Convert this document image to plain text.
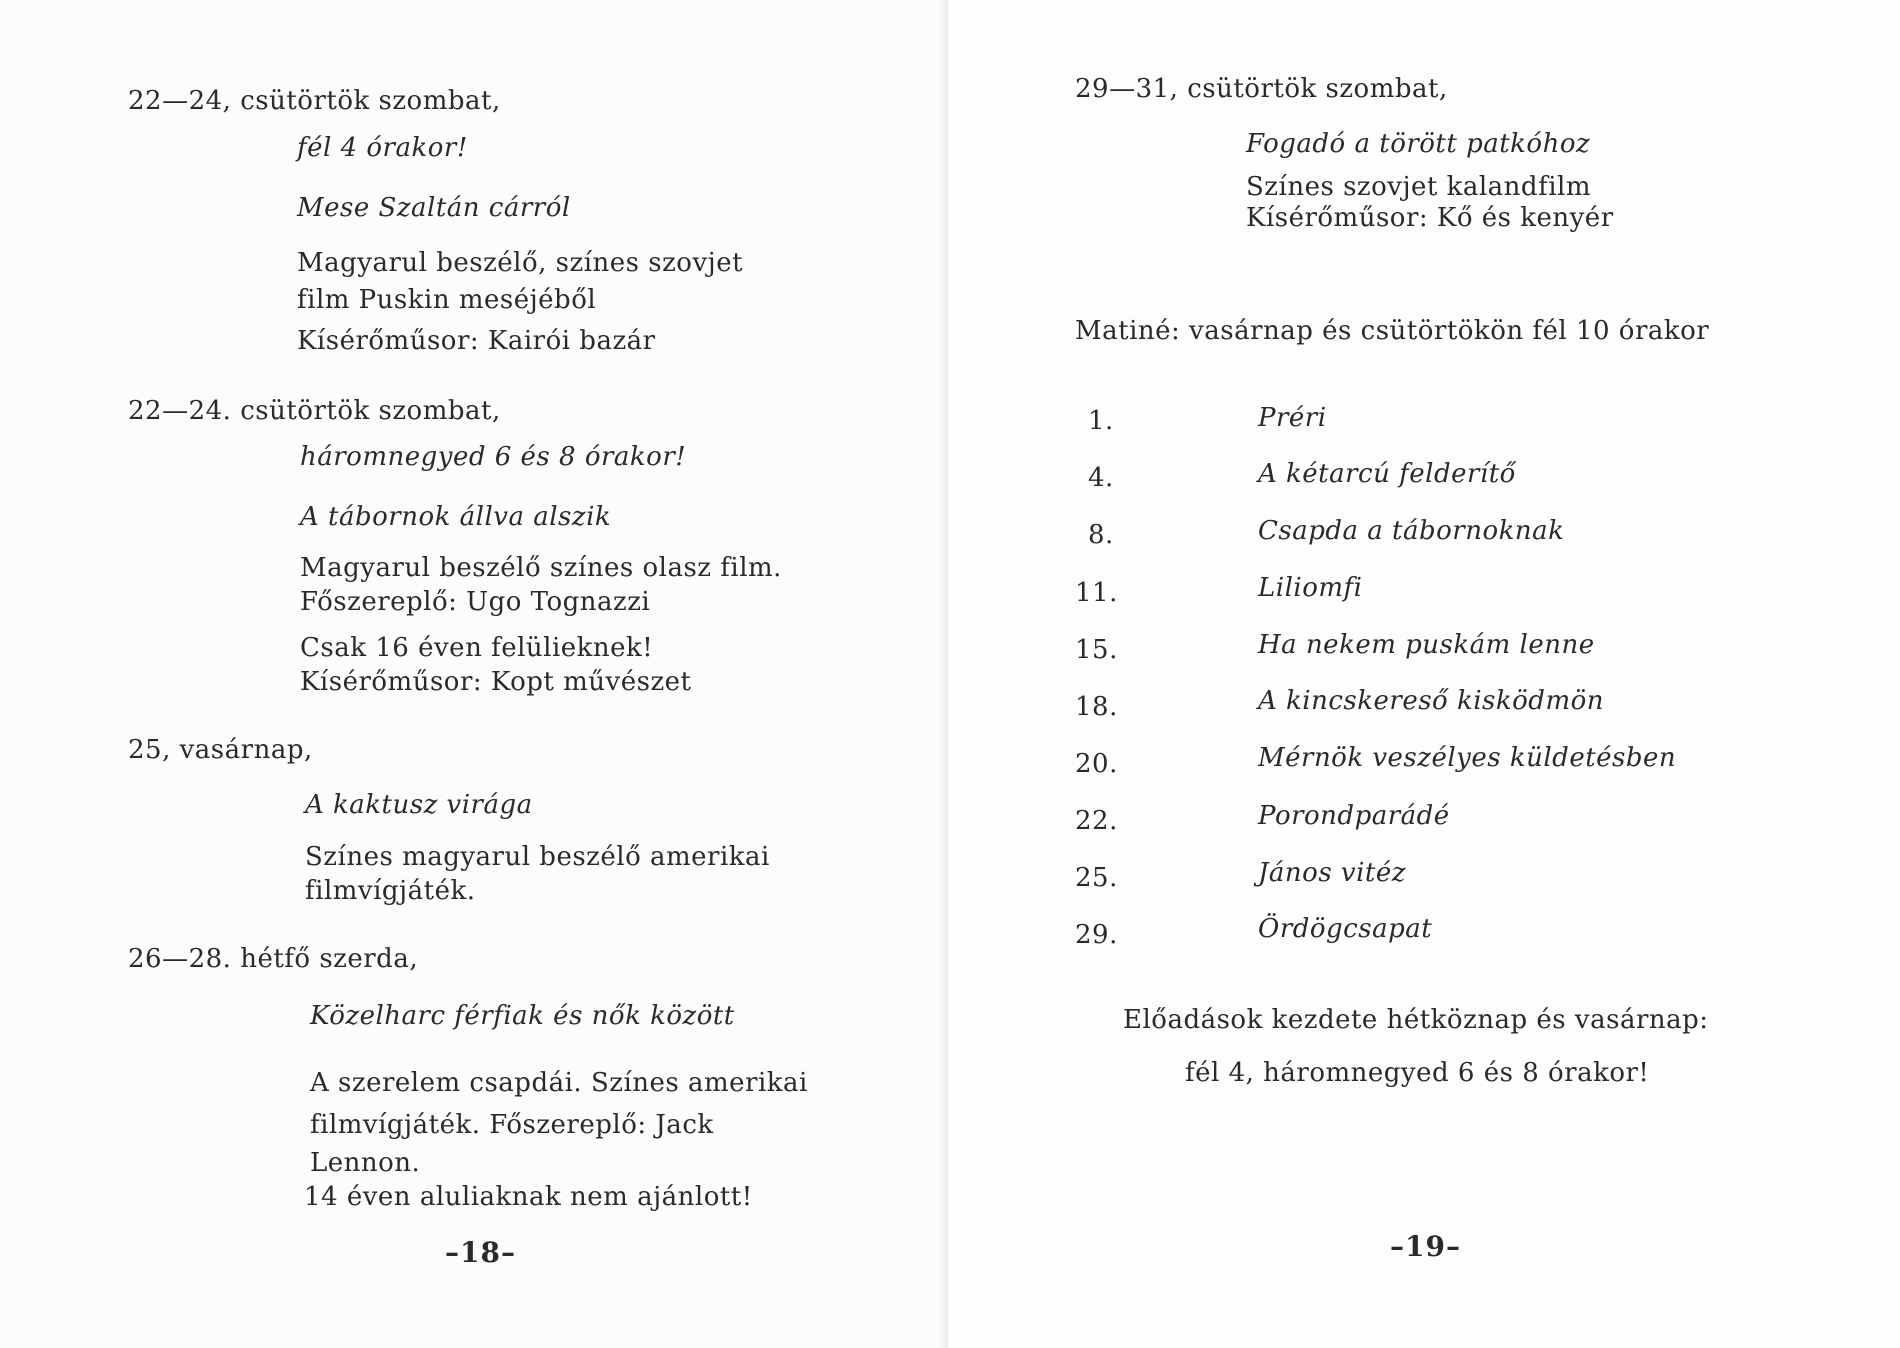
22—24, csütörtök szombat,
fél 4 órakor!
Mese Szaltán cárról
Magyarul beszélő, színes szovjet
film Puskin meséjéből
Kísérőműsor: Kairói bazár
22—24. csütörtök szombat,
háromnegyed 6 és 8 órakor!
A tábornok állva alszik
Magyarul beszélő színes olasz film.
Főszereplő: Ugo Tognazzi
Csak 16 éven felülieknek!
Kísérőműsor: Kopt művészet
25, vasárnap,
A kaktusz virága
Színes magyarul beszélő amerikai
filmvígjáték.
26—28. hétfő szerda,
Közelharc férfiak és nők között
A szerelem csapdái. Színes amerikai
filmvígjáték. Főszereplő: Jack
Lennon.
14 éven aluliaknak nem ajánlott!
–18–
29—31, csütörtök szombat,
Fogadó a törött patkóhoz
Színes szovjet kalandfilm
Kísérőműsor: Kő és kenyér
Matiné: vasárnap és csütörtökön fél 10 órakor
1.	Préri
4.	A kétarcú felderítő
8.	Csapda a tábornoknak
11.	Liliomfi
15.	Ha nekem puskám lenne
18.	A kincskereső kisködmön
20.	Mérnök veszélyes küldetésben
22.	Porondparádé
25.	János vitéz
29.	Ördögcsapat
Előadások kezdete hétköznap és vasárnap:
fél 4, háromnegyed 6 és 8 órakor!
–19–
